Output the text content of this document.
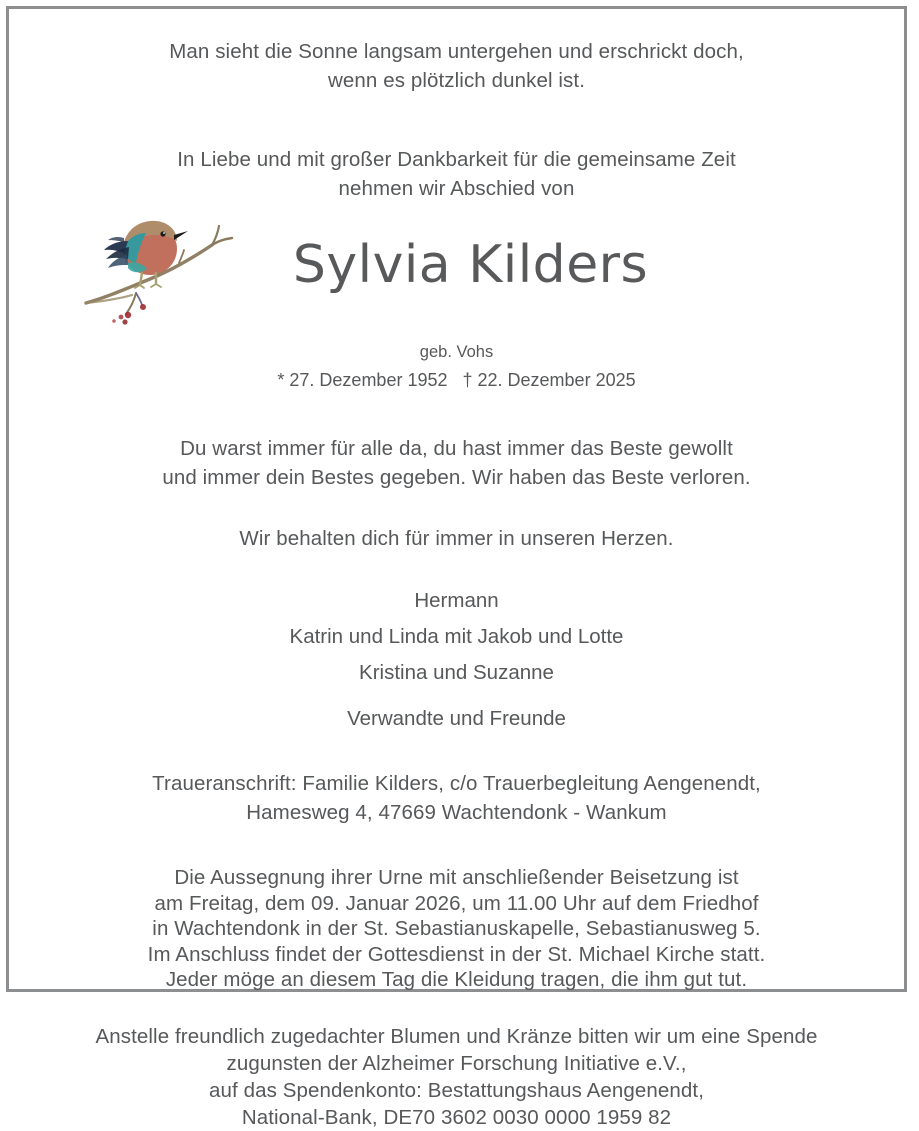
Man sieht die Sonne langsam untergehen und erschrickt doch,
wenn es plötzlich dunkel ist.
In Liebe und mit großer Dankbarkeit für die gemeinsame Zeit
nehmen wir Abschied von
Sylvia Kilders
geb. Vohs
* 27. Dezember 1952   † 22. Dezember 2025
Du warst immer für alle da, du hast immer das Beste gewollt
und immer dein Bestes gegeben. Wir haben das Beste verloren.
Wir behalten dich für immer in unseren Herzen.
Hermann
Katrin und Linda mit Jakob und Lotte
Kristina und Suzanne
Verwandte und Freunde
Traueranschrift: Familie Kilders, c/o Trauerbegleitung Aengenendt,
Hamesweg 4, 47669 Wachtendonk - Wankum
Die Aussegnung ihrer Urne mit anschließender Beisetzung ist
am Freitag, dem 09. Januar 2026, um 11.00 Uhr auf dem Friedhof
in Wachtendonk in der St. Sebastianuskapelle, Sebastianusweg 5.
Im Anschluss findet der Gottesdienst in der St. Michael Kirche statt.
Jeder möge an diesem Tag die Kleidung tragen, die ihm gut tut.
Anstelle freundlich zugedachter Blumen und Kränze bitten wir um eine Spende
zugunsten der Alzheimer Forschung Initiative e.V.,
auf das Spendenkonto: Bestattungshaus Aengenendt,
National-Bank, DE70 3602 0030 0000 1959 82
